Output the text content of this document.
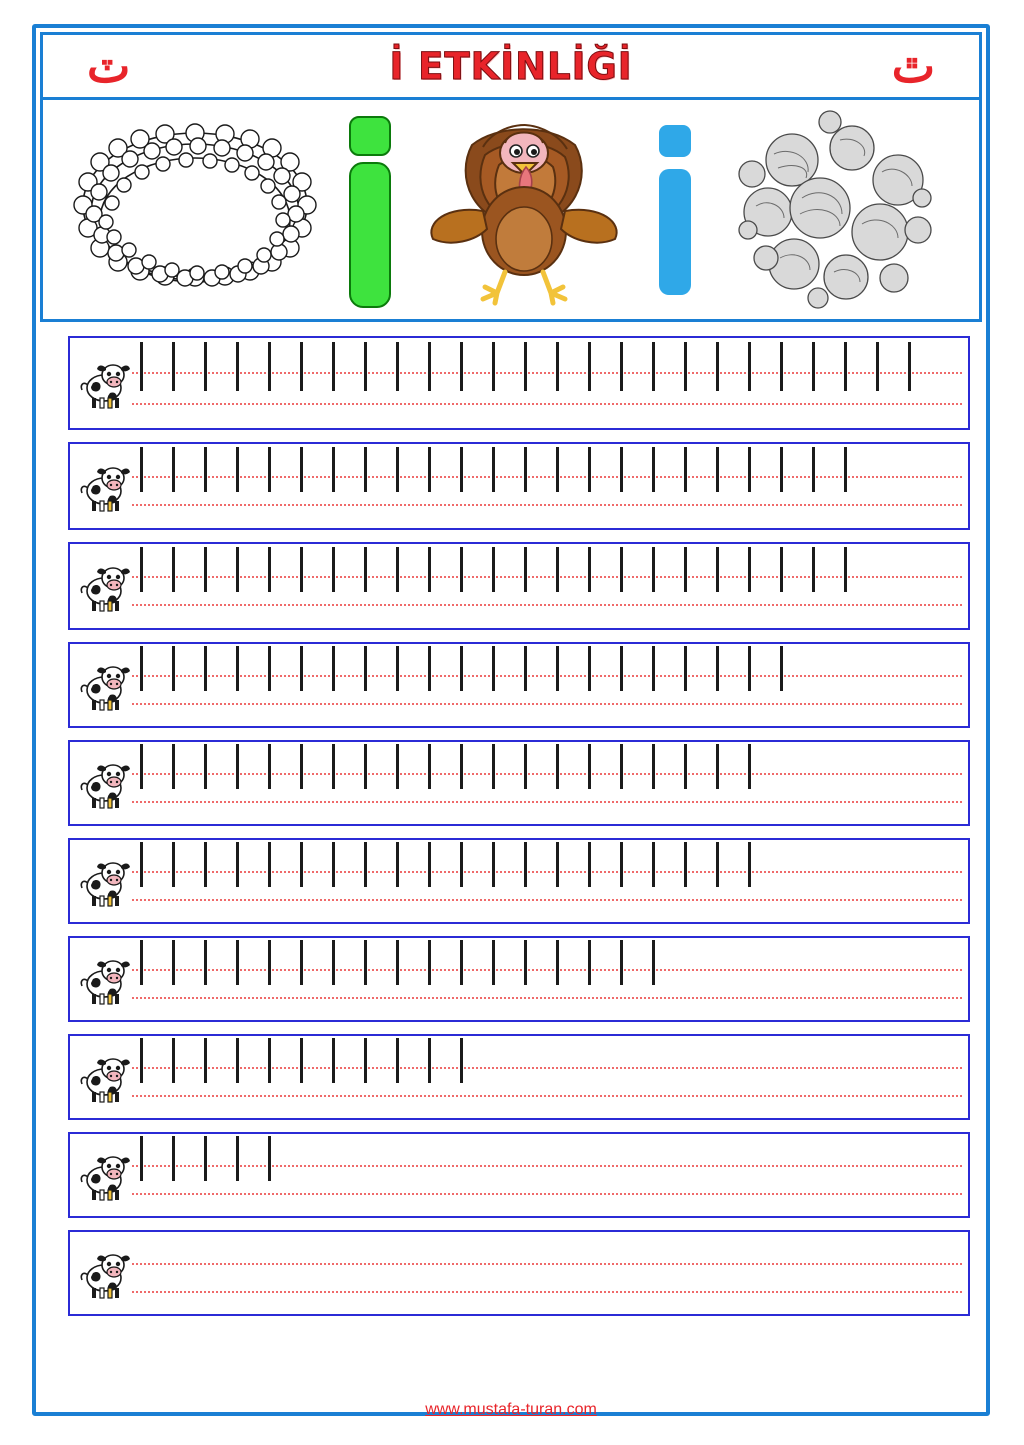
ٽ	İ ETKİNLİĞİ	ٿ
www.mustafa-turan.com
